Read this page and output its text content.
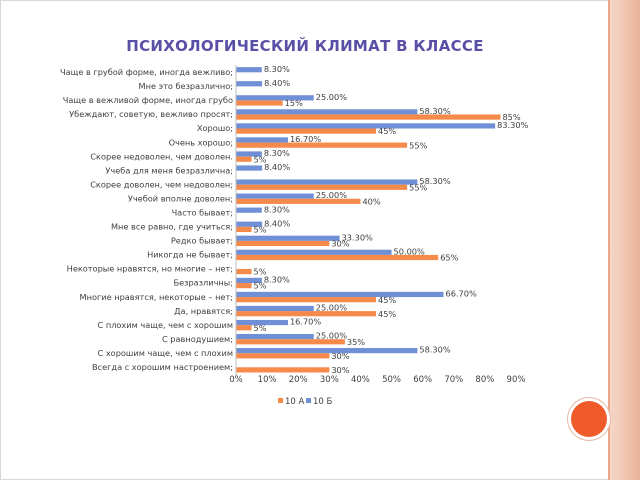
ПСИХОЛОГИЧЕСКИЙ КЛИМАТ В КЛАССЕ
Всегда с хорошим настроением;
С хорошим чаще, чем с плохим
С равнодушием;
С плохим чаще, чем с хорошим
Да, нравятся;
Многие нравятся, некоторые – нет;
Безразличны;
Некоторые нравятся, но многие – нет;
Никогда не бывает;
Редко бывает;
Мне все равно, где учиться;
Часто бывает;
Учебой вполне доволен;
Скорее доволен, чем недоволен;
Учеба для меня безразлична;
Скорее недоволен, чем доволен.
Очень хорошо;
Хорошо;
Убеждают, советую, вежливо просят;
Чаще в вежливой форме, иногда грубо
Мне это безразлично;
Чаще в грубой форме, иногда вежливо;
30%
58.30%
30%
25.00%
35%
16.70%
5%
25.00%
45%
66.70%
45%
8.30%
5%
5%
50.00%
65%
33.30%
30%
8.40%
5%
8.30%
25.00%
40%
58.30%
55%
8.40%
8.30%
5%
16.70%
55%
83.30%
45%
58.30%
85%
25.00%
15%
8.40%
8.30%
0% 10% 20% 30% 40% 50% 60% 70% 80% 90%
10 А 10 Б
